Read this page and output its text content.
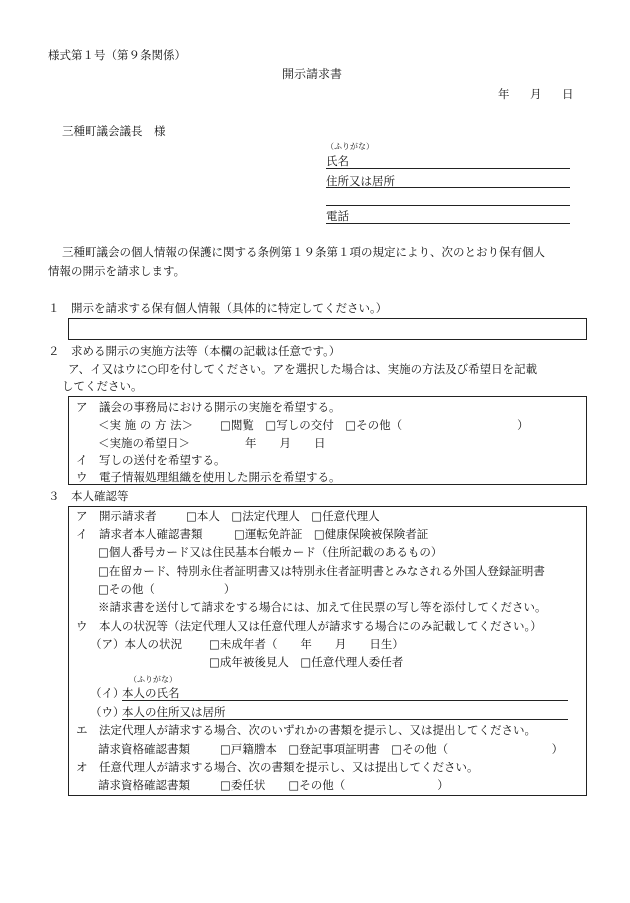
様式第１号（第９条関係）
開示請求書
年 月 日
三種町議会議長　様
（ふりがな）
氏名
住所又は居所
電話
三種町議会の個人情報の保護に関する条例第１９条第１項の規定により、次のとおり保有個人
情報の開示を請求します。
１　開示を請求する保有個人情報（具体的に特定してください。）
２　求める開示の実施方法等（本欄の記載は任意です。）
ア、イ又はウに○印を付してください。アを選択した場合は、実施の方法及び希望日を記載
してください。
ア　議会の事務局における開示の実施を希望する。
＜実 施 の 方 法＞ □閲覧　□写しの交付　□その他（　　　　　　　　　　）
＜実施の希望日＞	年　　月　　日
イ　写しの送付を希望する。
ウ　電子情報処理組織を使用した開示を希望する。
３　本人確認等
ア　開示請求者	□本人　□法定代理人　□任意代理人
イ　請求者本人確認書類	□運転免許証　□健康保険被保険者証
□個人番号カード又は住民基本台帳カード（住所記載のあるもの）
□在留カード、特別永住者証明書又は特別永住者証明書とみなされる外国人登録証明書
□その他（　　　　　　）
※請求書を送付して請求をする場合には、加えて住民票の写し等を添付してください。
ウ　本人の状況等（法定代理人又は任意代理人が請求する場合にのみ記載してください。）
（ア）本人の状況 □未成年者（　　年　　月　　日生）
□成年被後見人　□任意代理人委任者
（ふりがな）
（イ）
本人の氏名
（ウ）
本人の住所又は居所
エ　法定代理人が請求する場合、次のいずれかの書類を提示し、又は提出してください。
請求資格確認書類	□戸籍謄本　□登記事項証明書　□その他（　　　　　　　　　）
オ　任意代理人が請求する場合、次の書類を提示し、又は提出してください。
請求資格確認書類	□委任状　　□その他（　　　　　　　　）
